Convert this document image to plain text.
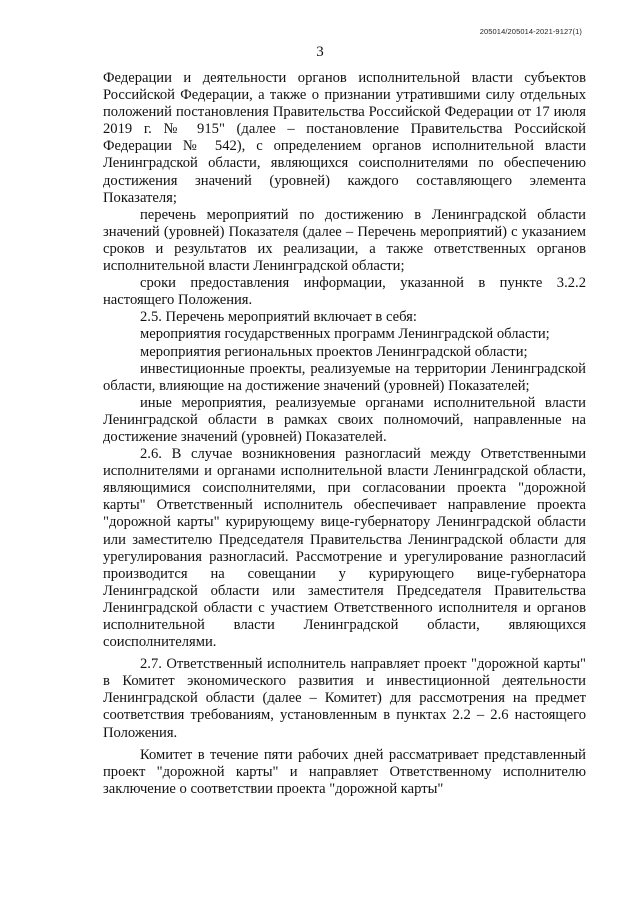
205014/205014-2021-9127(1)
3

Федерации и деятельности органов исполнительной власти субъектов Российской Федерации, а также о признании утратившими силу отдельных положений постановления Правительства Российской Федерации от 17 июля 2019 г. № 915" (далее – постановление Правительства Российской Федерации № 542), с определением органов исполнительной власти Ленинградской области, являющихся соисполнителями по обеспечению достижения значений (уровней) каждого составляющего элемента Показателя;

перечень мероприятий по достижению в Ленинградской области значений (уровней) Показателя (далее – Перечень мероприятий) с указанием сроков и результатов их реализации, а также ответственных органов исполнительной власти Ленинградской области;

сроки предоставления информации, указанной в пункте 3.2.2 настоящего Положения.

2.5. Перечень мероприятий включает в себя:

мероприятия государственных программ Ленинградской области;

мероприятия региональных проектов Ленинградской области;

инвестиционные проекты, реализуемые на территории Ленинградской области, влияющие на достижение значений (уровней) Показателей;

иные мероприятия, реализуемые органами исполнительной власти Ленинградской области в рамках своих полномочий, направленные на достижение значений (уровней) Показателей.

2.6. В случае возникновения разногласий между Ответственными исполнителями и органами исполнительной власти Ленинградской области, являющимися соисполнителями, при согласовании проекта "дорожной карты" Ответственный исполнитель обеспечивает направление проекта "дорожной карты" курирующему вице-губернатору Ленинградской области или заместителю Председателя Правительства Ленинградской области для урегулирования разногласий. Рассмотрение и урегулирование разногласий производится на совещании у курирующего вице-губернатора Ленинградской области или заместителя Председателя Правительства Ленинградской области с участием Ответственного исполнителя и органов исполнительной власти Ленинградской области, являющихся соисполнителями.

2.7. Ответственный исполнитель направляет проект "дорожной карты" в Комитет экономического развития и инвестиционной деятельности Ленинградской области (далее – Комитет) для рассмотрения на предмет соответствия требованиям, установленным в пунктах 2.2 – 2.6 настоящего Положения.

Комитет в течение пяти рабочих дней рассматривает представленный проект "дорожной карты" и направляет Ответственному исполнителю заключение о соответствии проекта "дорожной карты"
